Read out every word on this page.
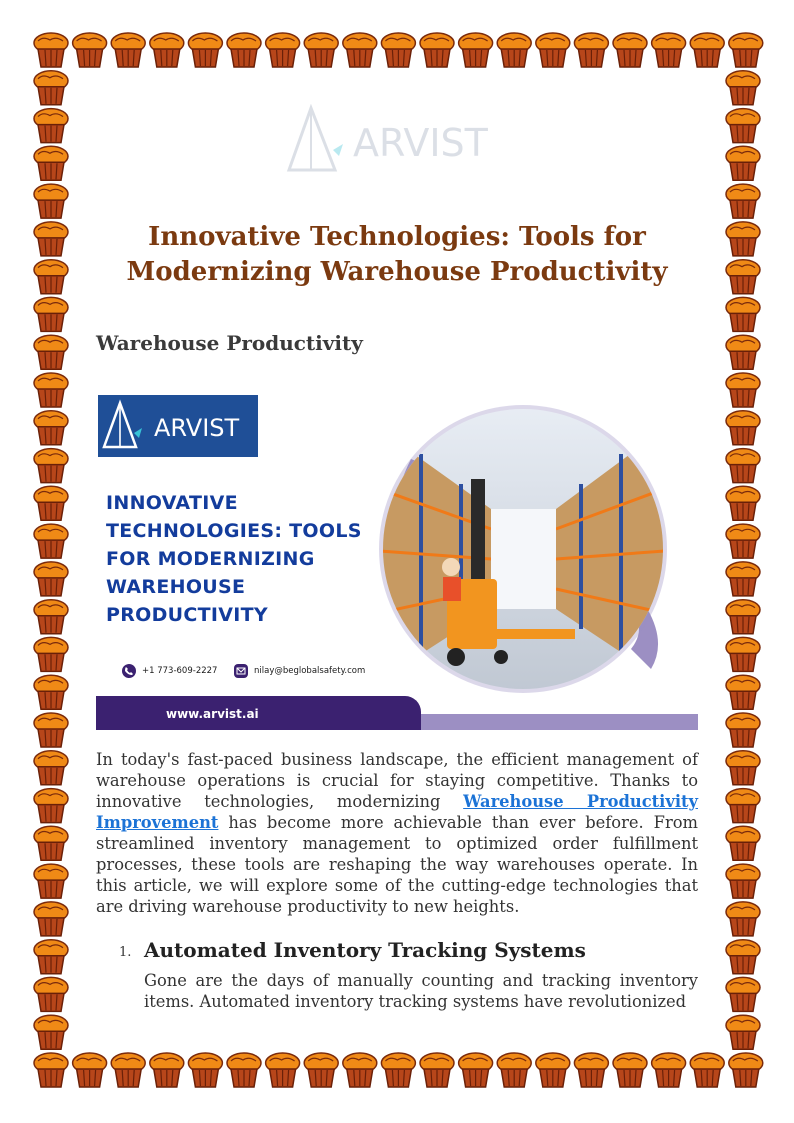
ARVIST
Innovative Technologies: Tools for
Modernizing Warehouse Productivity
Warehouse Productivity
ARVIST

INNOVATIVE
TECHNOLOGIES: TOOLS
FOR MODERNIZING
WAREHOUSE
PRODUCTIVITY

+1 773-609-2227	nilay@beglobalsafety.com
www.arvist.ai

In today's fast-paced business landscape, the efficient management of warehouse operations is crucial for staying competitive. Thanks to innovative technologies, modernizing Warehouse Productivity Improvement has become more achievable than ever before. From streamlined inventory management to optimized order fulfillment processes, these tools are reshaping the way warehouses operate. In this article, we will explore some of the cutting-edge technologies that are driving warehouse productivity to new heights.

1. Automated Inventory Tracking Systems

Gone are the days of manually counting and tracking inventory items. Automated inventory tracking systems have revolutionized
